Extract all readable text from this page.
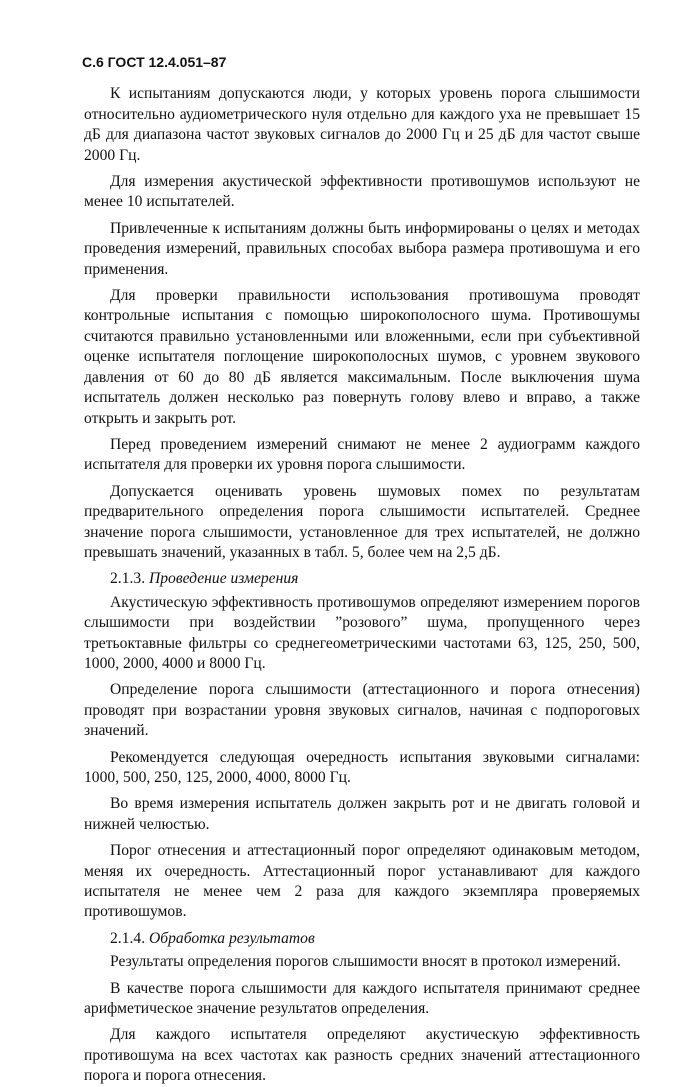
С.6 ГОСТ 12.4.051–87

К испытаниям допускаются люди, у которых уровень порога слышимости относительно аудиометрического нуля отдельно для каждого уха не превышает 15 дБ для диапазона частот звуковых сигналов до 2000 Гц и 25 дБ для частот свыше 2000 Гц.

Для измерения акустической эффективности противошумов используют не менее 10 испытателей.

Привлеченные к испытаниям должны быть информированы о целях и методах проведения измерений, правильных способах выбора размера противошума и его применения.

Для проверки правильности использования противошума проводят контрольные испытания с помощью широкополосного шума. Противошумы считаются правильно установленными или вложенными, если при субъективной оценке испытателя поглощение широкополосных шумов, с уровнем звукового давления от 60 до 80 дБ является максимальным. После выключения шума испытатель должен несколько раз повернуть голову влево и вправо, а также открыть и закрыть рот.

Перед проведением измерений снимают не менее 2 аудиограмм каждого испытателя для проверки их уровня порога слышимости.

Допускается оценивать уровень шумовых помех по результатам предварительного определения порога слышимости испытателей. Среднее значение порога слышимости, установленное для трех испытателей, не должно превышать значений, указанных в табл. 5, более чем на 2,5 дБ.

2.1.3. Проведение измерения

Акустическую эффективность противошумов определяют измерением порогов слышимости при воздействии ”розового” шума, пропущенного через третьоктавные фильтры со среднегеометрическими частотами 63, 125, 250, 500, 1000, 2000, 4000 и 8000 Гц.

Определение порога слышимости (аттестационного и порога отнесения) проводят при возрастании уровня звуковых сигналов, начиная с подпороговых значений.

Рекомендуется следующая очередность испытания звуковыми сигналами: 1000, 500, 250, 125, 2000, 4000, 8000 Гц.

Во время измерения испытатель должен закрыть рот и не двигать головой и нижней челюстью.

Порог отнесения и аттестационный порог определяют одинаковым методом, меняя их очередность. Аттестационный порог устанавливают для каждого испытателя не менее чем 2 раза для каждого экземпляра проверяемых противошумов.

2.1.4. Обработка результатов

Результаты определения порогов слышимости вносят в протокол измерений.

В качестве порога слышимости для каждого испытателя принимают среднее арифметическое значение результатов определения.

Для каждого испытателя определяют акустическую эффективность противошума на всех частотах как разность средних значений аттестационного порога и порога отнесения.
